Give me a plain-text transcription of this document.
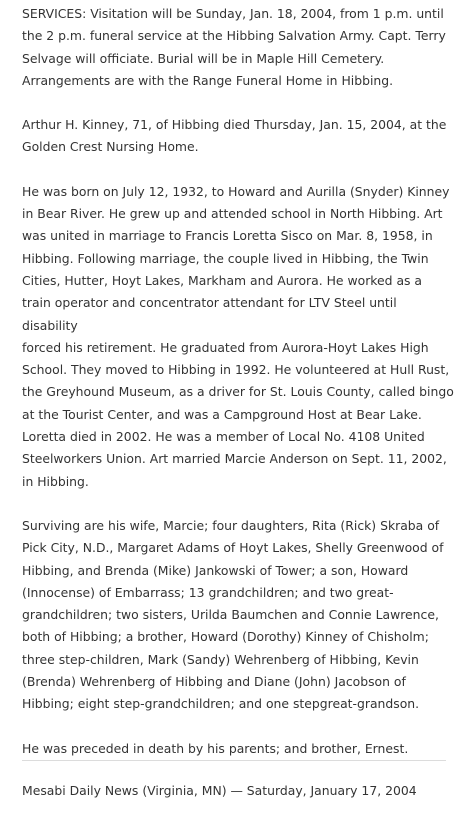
SERVICES: Visitation will be Sunday, Jan. 18, 2004, from 1 p.m. until
the 2 p.m. funeral service at the Hibbing Salvation Army. Capt. Terry
Selvage will officiate. Burial will be in Maple Hill Cemetery.
Arrangements are with the Range Funeral Home in Hibbing.

Arthur H. Kinney, 71, of Hibbing died Thursday, Jan. 15, 2004, at the
Golden Crest Nursing Home.

He was born on July 12, 1932, to Howard and Aurilla (Snyder) Kinney
in Bear River. He grew up and attended school in North Hibbing. Art
was united in marriage to Francis Loretta Sisco on Mar. 8, 1958, in
Hibbing. Following marriage, the couple lived in Hibbing, the Twin
Cities, Hutter, Hoyt Lakes, Markham and Aurora. He worked as a
train operator and concentrator attendant for LTV Steel until disability
forced his retirement. He graduated from Aurora-Hoyt Lakes High
School. They moved to Hibbing in 1992. He volunteered at Hull Rust,
the Greyhound Museum, as a driver for St. Louis County, called bingo
at the Tourist Center, and was a Campground Host at Bear Lake.
Loretta died in 2002. He was a member of Local No. 4108 United
Steelworkers Union. Art married Marcie Anderson on Sept. 11, 2002,
in Hibbing.

Surviving are his wife, Marcie; four daughters, Rita (Rick) Skraba of
Pick City, N.D., Margaret Adams of Hoyt Lakes, Shelly Greenwood of
Hibbing, and Brenda (Mike) Jankowski of Tower; a son, Howard
(Innocense) of Embarrass; 13 grandchildren; and two great-
grandchildren; two sisters, Urilda Baumchen and Connie Lawrence,
both of Hibbing; a brother, Howard (Dorothy) Kinney of Chisholm;
three step-children, Mark (Sandy) Wehrenberg of Hibbing, Kevin
(Brenda) Wehrenberg of Hibbing and Diane (John) Jacobson of
Hibbing; eight step-grandchildren; and one stepgreat-grandson.

He was preceded in death by his parents; and brother, Ernest.

Mesabi Daily News (Virginia, MN) — Saturday, January 17, 2004
